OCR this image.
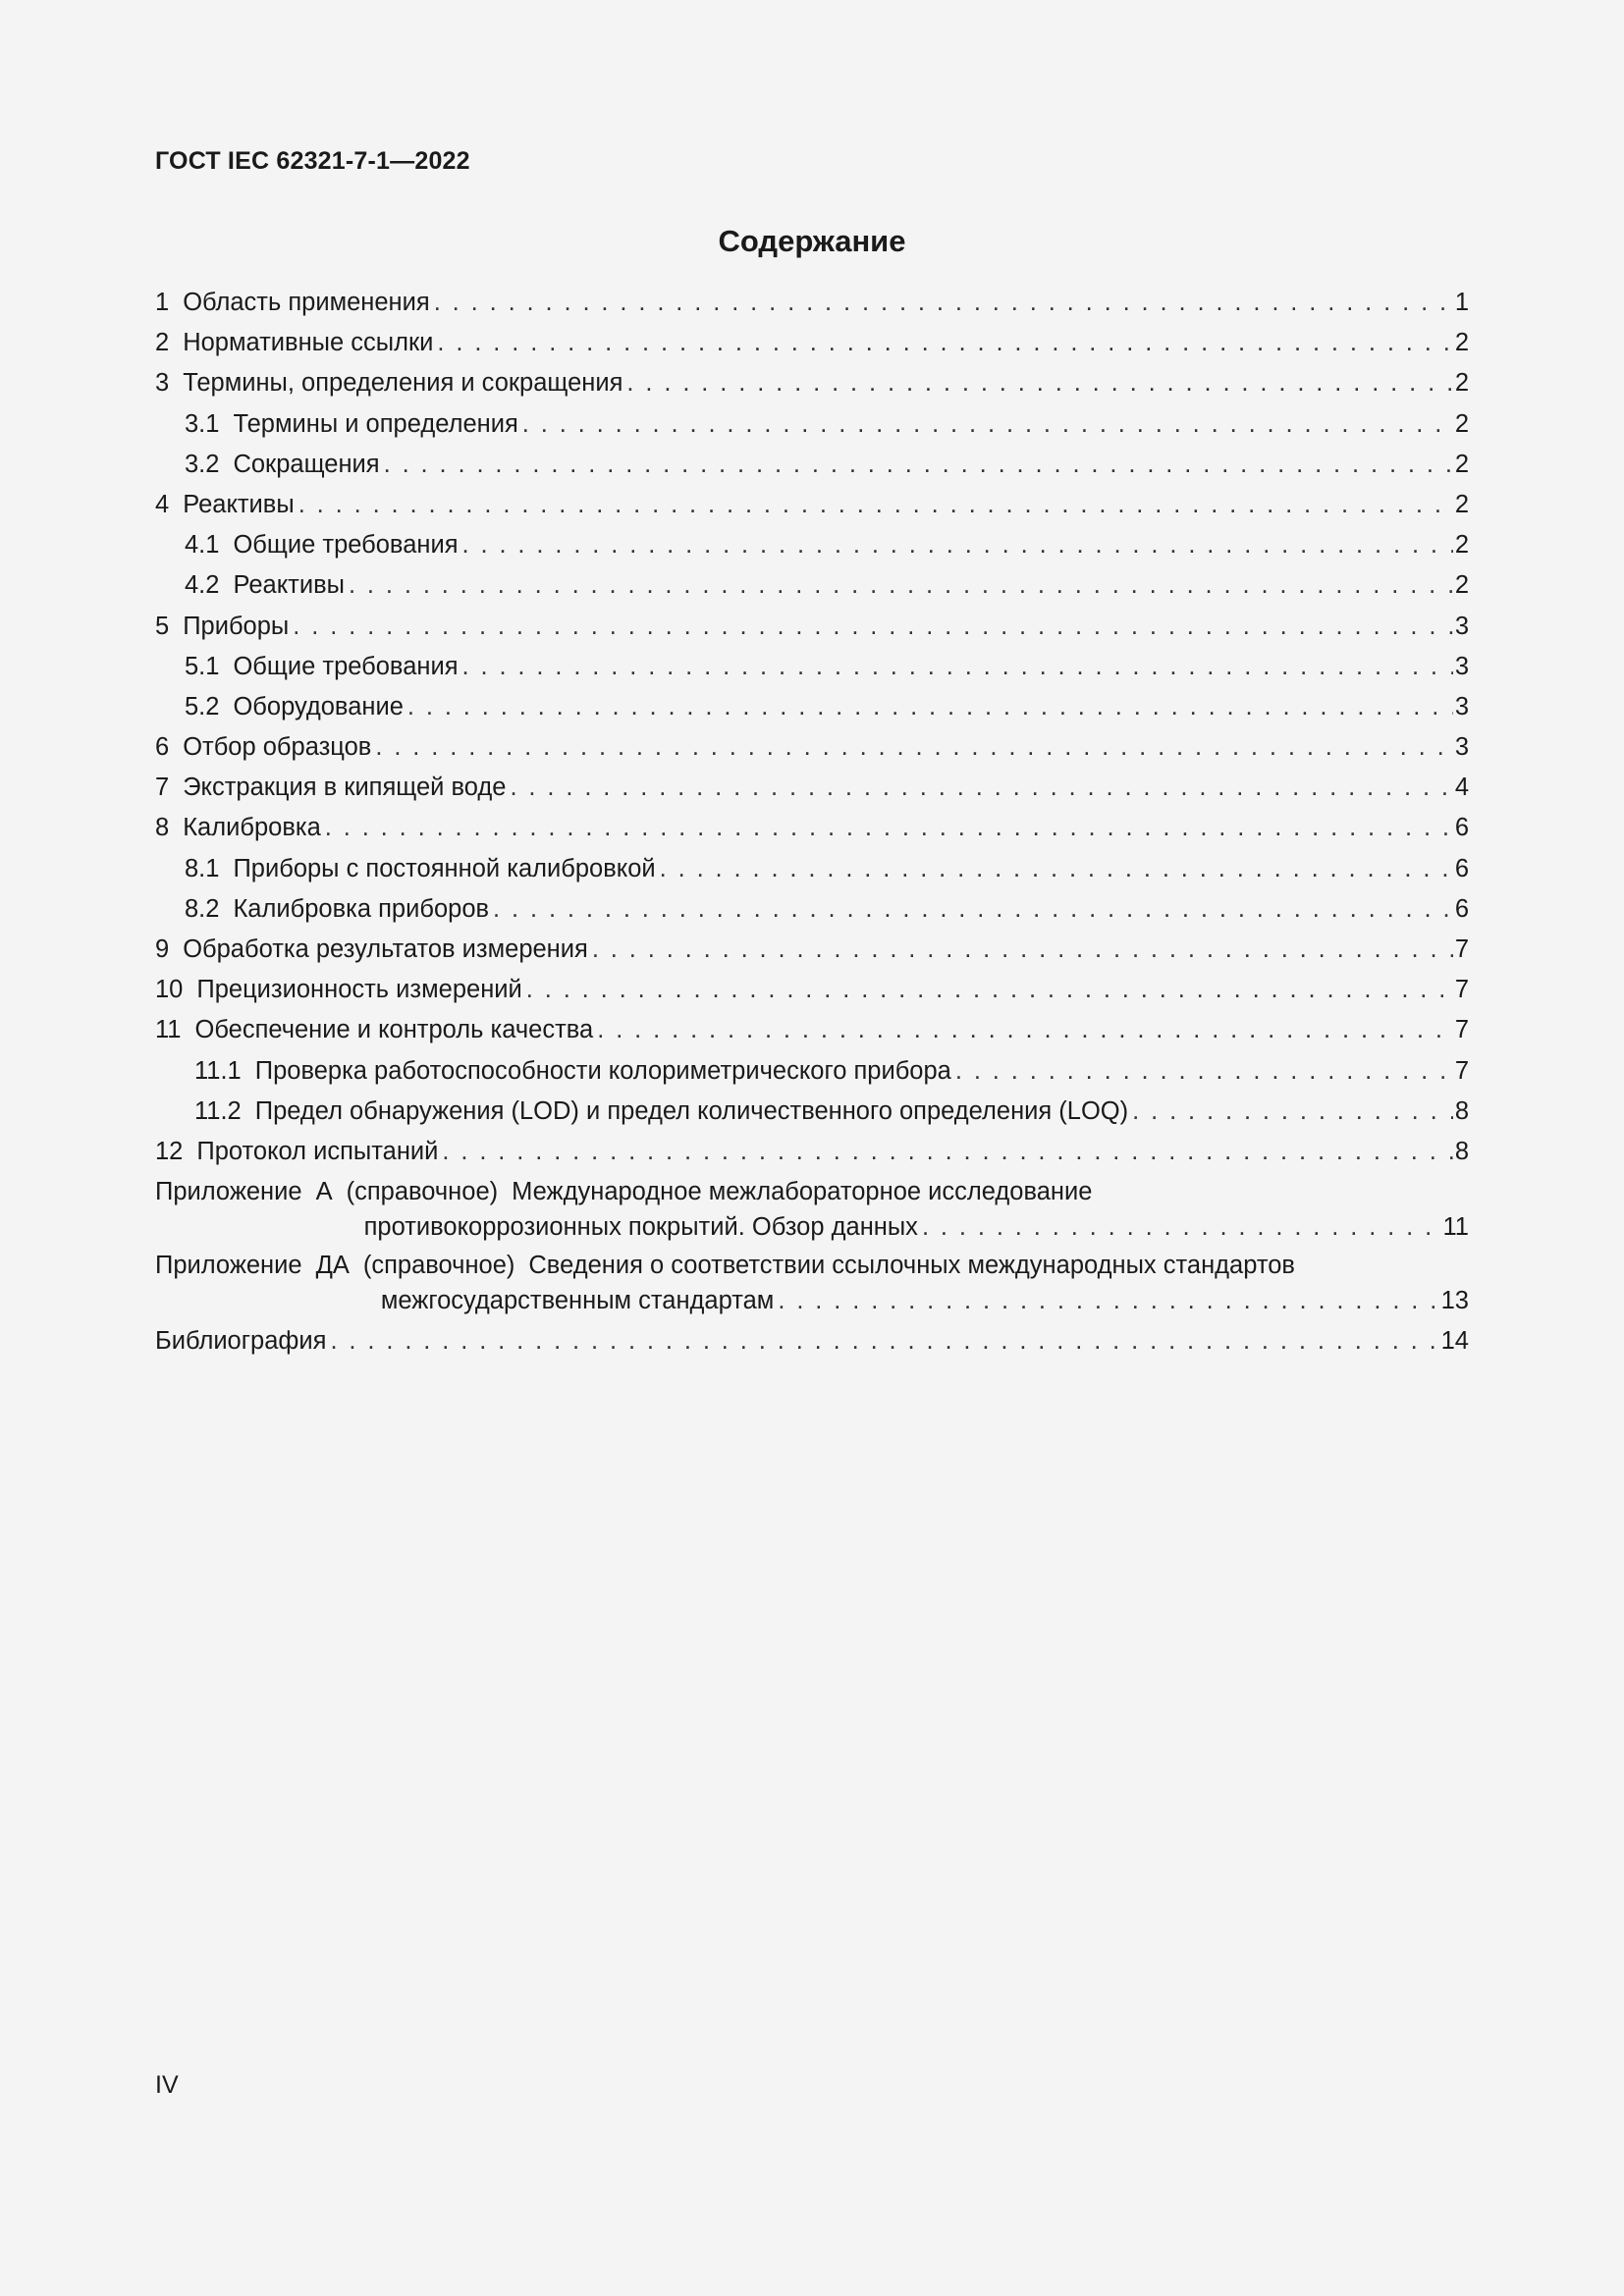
ГОСТ IEC 62321-7-1—2022
Содержание
1 Область применения . . .	1
2 Нормативные ссылки . . .	2
3 Термины, определения и сокращения . . .	2
3.1 Термины и определения . . .	2
3.2 Сокращения . . .	2
4 Реактивы . . .	2
4.1 Общие требования . . .	2
4.2 Реактивы . . .	2
5 Приборы . . .	3
5.1 Общие требования . . .	3
5.2 Оборудование . . .	3
6 Отбор образцов . . .	3
7 Экстракция в кипящей воде . . .	4
8 Калибровка . . .	6
8.1 Приборы с постоянной калибровкой . . .	6
8.2 Калибровка приборов . . .	6
9 Обработка результатов измерения . . .	7
10 Прецизионность измерений . . .	7
11 Обеспечение и контроль качества . . .	7
11.1 Проверка работоспособности колориметрического прибора . . .	7
11.2 Предел обнаружения (LOD) и предел количественного определения (LOQ) . . .	8
12 Протокол испытаний . . .	8
Приложение А (справочное) Международное межлабораторное исследование
противокоррозионных покрытий. Обзор данных . . .	11
Приложение ДА (справочное) Сведения о соответствии ссылочных международных стандартов
межгосударственным стандартам . . .	13
Библиография . . .	14
IV
